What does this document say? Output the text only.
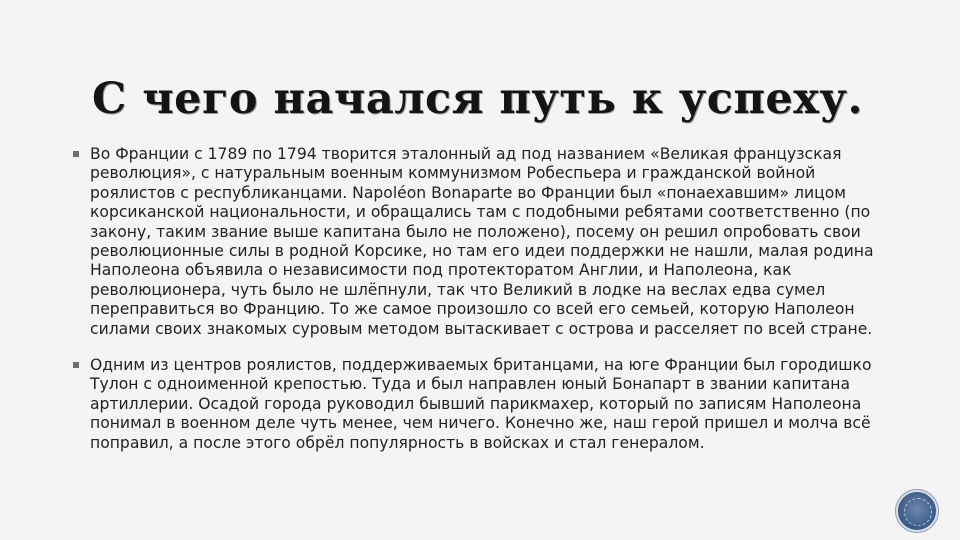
С чего начался путь к успеху.
Во Франции с 1789 по 1794 творится эталонный ад под названием «Великая французская революция», с натуральным военным коммунизмом Робеспьера и гражданской войной роялистов с республиканцами. Napoléon Bonaparte во Франции был «понаехавшим» лицом корсиканской национальности, и обращались там с подобными ребятами соответственно (по закону, таким звание выше капитана было не положено), посему он решил опробовать свои революционные силы в родной Корсике, но там его идеи поддержки не нашли, малая родина Наполеона объявила о независимости под протекторатом Англии, и Наполеона, как революционера, чуть было не шлёпнули, так что Великий в лодке на веслах едва сумел переправиться во Францию. То же самое произошло со всей его семьей, которую Наполеон силами своих знакомых суровым методом вытаскивает с острова и расселяет по всей стране.
Одним из центров роялистов, поддерживаемых британцами, на юге Франции был городишко Тулон с одноименной крепостью. Туда и был направлен юный Бонапарт в звании капитана артиллерии. Осадой города руководил бывший парикмахер, который по записям Наполеона понимал в военном деле чуть менее, чем ничего. Конечно же, наш герой пришел и молча всё поправил, а после этого обрёл популярность в войсках и стал генералом.
